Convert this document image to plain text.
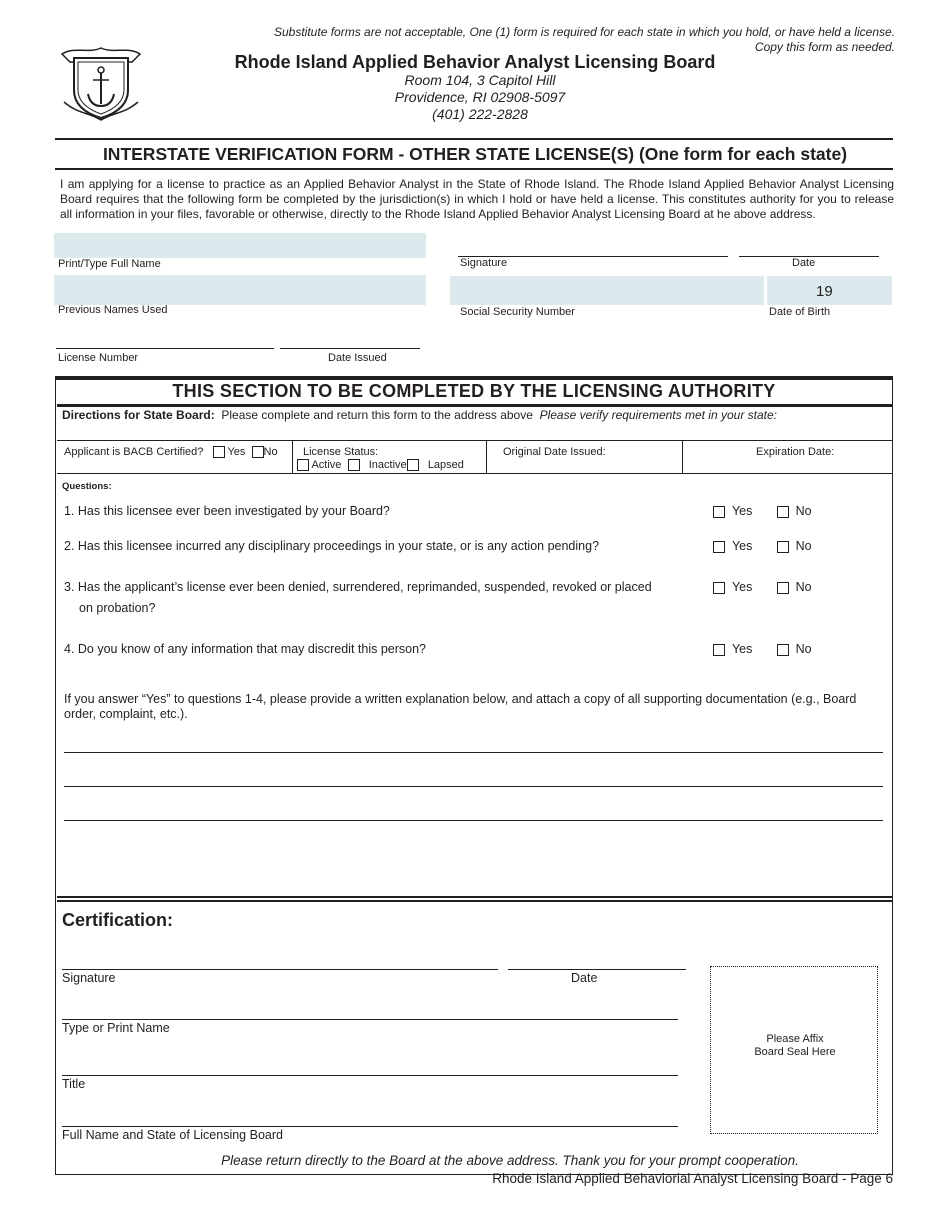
Substitute forms are not acceptable, One (1) form is required for each state in which you hold, or have held a license.
Copy this form as needed.
Rhode Island Applied Behavior Analyst Licensing Board
Room 104, 3 Capitol Hill
Providence, RI 02908-5097
(401) 222-2828
INTERSTATE VERIFICATION FORM - OTHER STATE LICENSE(S) (One form for each state)
I am applying for a license to practice as an Applied Behavior Analyst in the State of Rhode Island. The Rhode Island Applied Behavior Analyst Licensing Board requires that the following form be completed by the jurisdiction(s) in which I hold or have held a license. This constitutes authority for you to release all information in your files, favorable or otherwise, directly to the Rhode Island Applied Behavior Analyst Licensing Board at he above address.
Print/Type Full Name	Signature	Date
Previous Names Used	Social Security Number
19
Date of Birth
License Number	Date Issued
THIS SECTION TO BE COMPLETED BY THE LICENSING AUTHORITY
Directions for State Board: Please complete and return this form to the address above Please verify requirements met in your state:
Applicant is BACB Certified? Yes No License Status:
Active Inactive Lapsed
Original Date Issued:	Expiration Date:
Questions:
1. Has this licensee ever been investigated by your Board?	Yes	No
2. Has this licensee incurred any disciplinary proceedings in your state, or is any action pending?	Yes	No
3. Has the applicant’s license ever been denied, surrendered, reprimanded, suspended, revoked or placed
on probation?
Yes	No
4. Do you know of any information that may discredit this person?	Yes	No
If you answer “Yes” to questions 1-4, please provide a written explanation below, and attach a copy of all supporting documentation (e.g., Board order, complaint, etc.).
Certification:
Signature	Date
Type or Print Name
Title
Full Name and State of Licensing Board
Please Affix
Board Seal Here
Please return directly to the Board at the above address. Thank you for your prompt cooperation.
Rhode Island Applied Behaviorial Analyst Licensing Board - Page 6
